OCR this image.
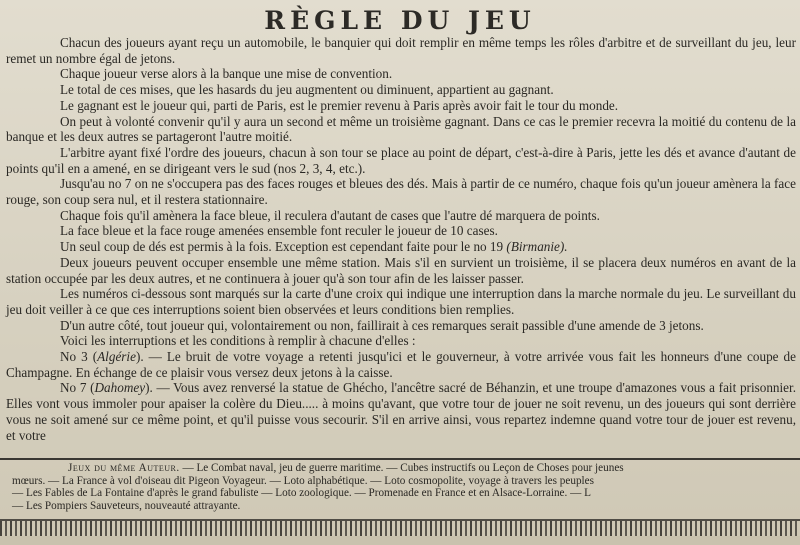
RÈGLE DU JEU

Chacun des joueurs ayant reçu un automobile, le banquier qui doit remplir en même temps les rôles d'arbitre et de surveillant du jeu, leur remet un nombre égal de jetons.

Chaque joueur verse alors à la banque une mise de convention.

Le total de ces mises, que les hasards du jeu augmentent ou diminuent, appartient au gagnant.

Le gagnant est le joueur qui, parti de Paris, est le premier revenu à Paris après avoir fait le tour du monde.

On peut à volonté convenir qu'il y aura un second et même un troisième gagnant. Dans ce cas le premier recevra la moitié du contenu de la banque et les deux autres se partageront l'autre moitié.

L'arbitre ayant fixé l'ordre des joueurs, chacun à son tour se place au point de départ, c'est-à-dire à Paris, jette les dés et avance d'autant de points qu'il en a amené, en se dirigeant vers le sud (nos 2, 3, 4, etc.).

Jusqu'au no 7 on ne s'occupera pas des faces rouges et bleues des dés. Mais à partir de ce numéro, chaque fois qu'un joueur amènera la face rouge, son coup sera nul, et il restera stationnaire.

Chaque fois qu'il amènera la face bleue, il reculera d'autant de cases que l'autre dé marquera de points.

La face bleue et la face rouge amenées ensemble font reculer le joueur de 10 cases.

Un seul coup de dés est permis à la fois. Exception est cependant faite pour le no 19 (Birmanie).

Deux joueurs peuvent occuper ensemble une même station. Mais s'il en survient un troisième, il se placera deux numéros en avant de la station occupée par les deux autres, et ne continuera à jouer qu'à son tour afin de les laisser passer.

Les numéros ci-dessous sont marqués sur la carte d'une croix qui indique une interruption dans la marche normale du jeu. Le surveillant du jeu doit veiller à ce que ces interruptions soient bien observées et leurs conditions bien remplies.

D'un autre côté, tout joueur qui, volontairement ou non, faillirait à ces remarques serait passible d'une amende de 3 jetons.

Voici les interruptions et les conditions à remplir à chacune d'elles :

No 3 (Algérie). — Le bruit de votre voyage a retenti jusqu'ici et le gouverneur, à votre arrivée vous fait les honneurs d'une coupe de Champagne. En échange de ce plaisir vous versez deux jetons à la caisse.

No 7 (Dahomey). — Vous avez renversé la statue de Ghécho, l'ancêtre sacré de Béhanzin, et une troupe d'amazones vous a fait prisonnier. Elles vont vous immoler pour apaiser la colère du Dieu..... à moins qu'avant, que votre tour de jouer ne soit revenu, un des joueurs qui sont derrière vous ne soit amené sur ce même point, et qu'il puisse vous secourir. S'il en arrive ainsi, vous repartez indemne quand votre tour de jouer est revenu, et votre

Jeux du même Auteur. — Le Combat naval, jeu de guerre maritime. — Cubes instructifs ou Leçon de Choses pour jeunes
mœurs. — La France à vol d'oiseau dit Pigeon Voyageur. — Loto alphabétique. — Loto cosmopolite, voyage à travers les peuples
— Les Fables de La Fontaine d'après le grand fabuliste — Loto zoologique. — Promenade en France et en Alsace-Lorraine. — L
— Les Pompiers Sauveteurs, nouveauté attrayante.
